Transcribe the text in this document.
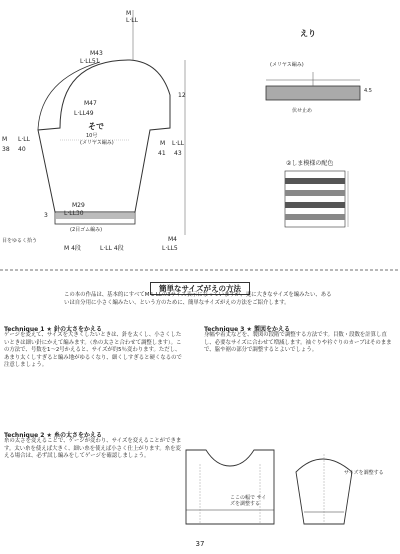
M
L·LL
M43
L·LL51
M47
L·LL49
そで
10号
(メリヤス編み)
12
M
38
L·LL
40
M29
L·LL30
3
(2目ゴム編み)
目をゆるく拾う
M 4段	L·LL 4段
M
41
L·LL
43
M4
L·LL5
えり
(メリヤス編み)
4.5
伏せ止め
②しま模様の配色
簡単なサイズがえの方法
この本の作品は、基本的にすべてM·L·LLの3サイズ表示になっていますが、更に大きなサイズを編みたい、あるいは自分用に小さく編みたい、という方のために、簡単なサイズがえの方法をご紹介します。
Technique 1 ★ 針の太さをかえる
ゲージを変えて、サイズを大きくしたいときは、針を太くし、小さくしたいときは細い針にかえて編みます。（糸の太さと合わせて調整します）。この方法で、号数を1～2号かえると、サイズが約5％変わります。ただし、あまり太くしすぎると編み地がゆるくなり、細くしすぎると硬くなるので注意しましょう。
Technique 2 ★ 糸の太さをかえる
糸の太さを変えることで、ゲージが変わり、サイズを変えることができます。太い糸を使えば大きく、細い糸を使えば小さく仕上がります。糸を変える場合は、必ず試し編みをしてゲージを確認しましょう。
Technique 3 ★ 製図をかえる
身幅や着丈などを、製図の段階で調整する方法です。目数・段数を計算し直し、必要なサイズに合わせて増減します。袖ぐりや衿ぐりのカーブはそのままで、脇や裾の部分で調整するとよいでしょう。
ここの幅で サイズを調整する
サイズを調整する
37
